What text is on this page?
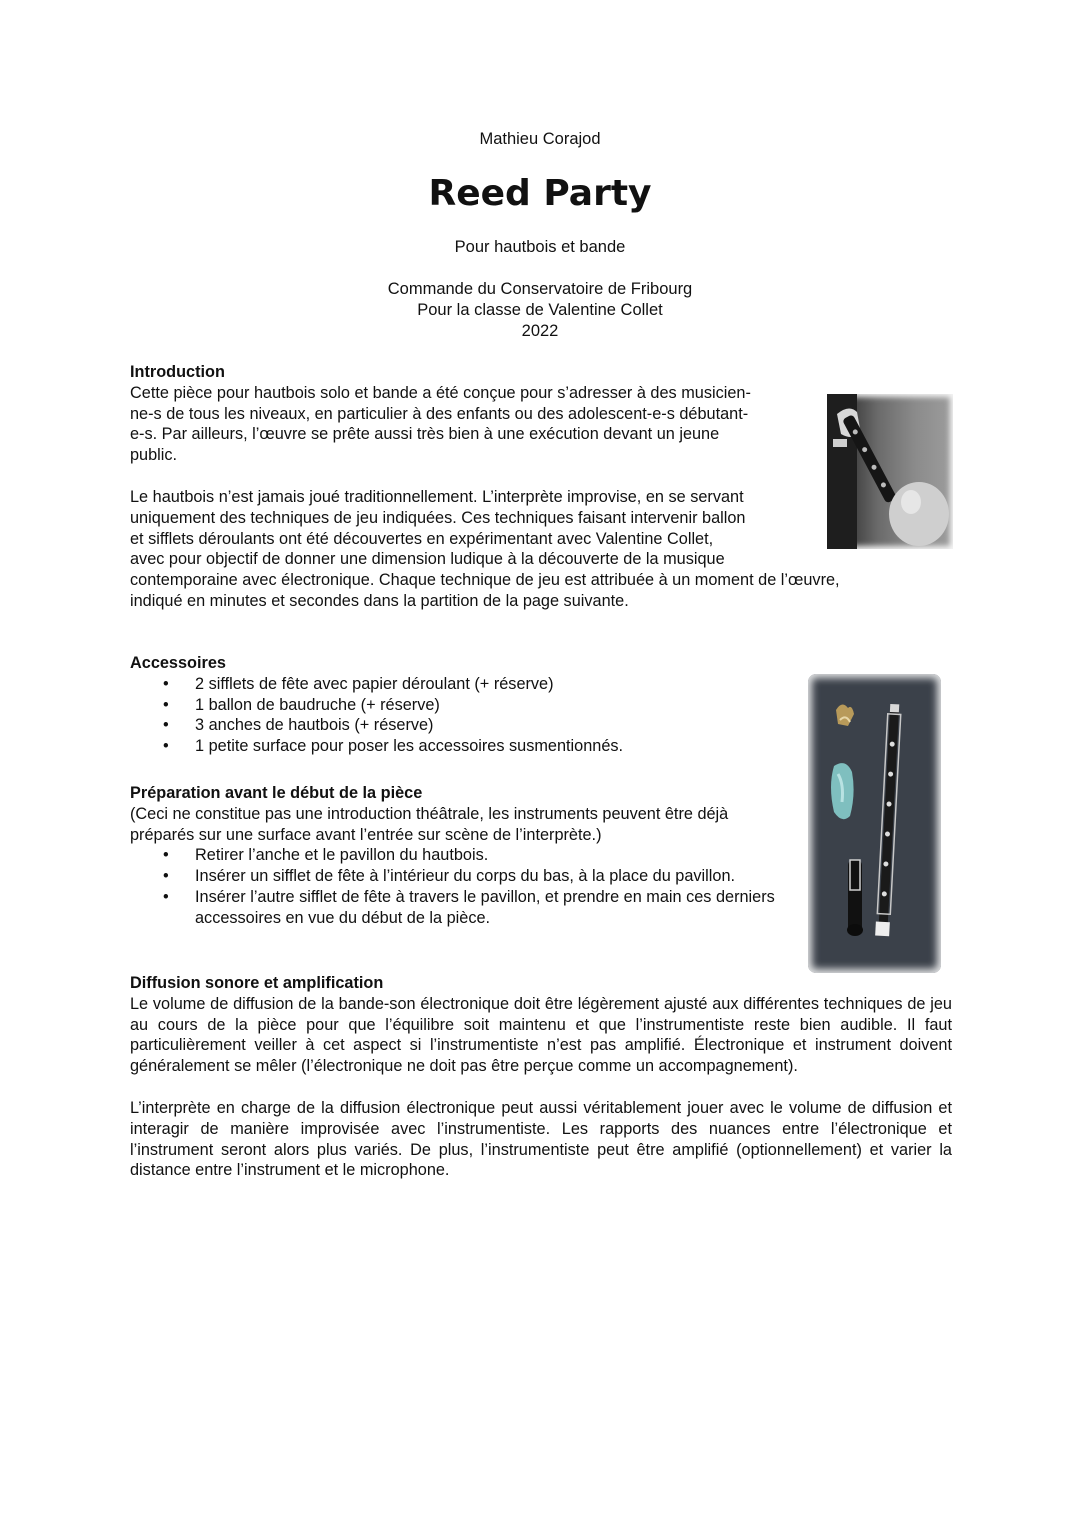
Mathieu Corajod
Reed Party
Pour hautbois et bande
Commande du Conservatoire de Fribourg
Pour la classe de Valentine Collet
2022

Introduction

Cette pièce pour hautbois solo et bande a été conçue pour s’adresser à des musicien-
ne-s de tous les niveaux, en particulier à des enfants ou des adolescent-e-s débutant-
e-s. Par ailleurs, l’œuvre se prête aussi très bien à une exécution devant un jeune
public.
Le hautbois n’est jamais joué traditionnellement. L’interprète improvise, en se servant
uniquement des techniques de jeu indiquées. Ces techniques faisant intervenir ballon
et sifflets déroulants ont été découvertes en expérimentant avec Valentine Collet,
avec pour objectif de donner une dimension ludique à la découverte de la musique
contemporaine avec électronique. Chaque technique de jeu est attribuée à un moment de l’œuvre,
indiqué en minutes et secondes dans la partition de la page suivante.

Accessoires

• 2 sifflets de fête avec papier déroulant (+ réserve)
• 1 ballon de baudruche (+ réserve)
• 3 anches de hautbois (+ réserve)
• 1 petite surface pour poser les accessoires susmentionnés.

Préparation avant le début de la pièce

(Ceci ne constitue pas une introduction théâtrale, les instruments peuvent être déjà
préparés sur une surface avant l’entrée sur scène de l’interprète.)
• Retirer l’anche et le pavillon du hautbois.
• Insérer un sifflet de fête à l’intérieur du corps du bas, à la place du pavillon.
• Insérer l’autre sifflet de fête à travers le pavillon, et prendre en main ces derniers accessoires en vue du début de la pièce.

Diffusion sonore et amplification

Le volume de diffusion de la bande-son électronique doit être légèrement ajusté aux différentes techniques de jeu au cours de la pièce pour que l’équilibre soit maintenu et que l’instrumentiste reste bien audible. Il faut particulièrement veiller à cet aspect si l’instrumentiste n’est pas amplifié. Électronique et instrument doivent généralement se mêler (l’électronique ne doit pas être perçue comme un accompagnement).

L’interprète en charge de la diffusion électronique peut aussi véritablement jouer avec le volume de diffusion et interagir de manière improvisée avec l’instrumentiste. Les rapports des nuances entre l’électronique et l’instrument seront alors plus variés. De plus, l’instrumentiste peut être amplifié (optionnellement) et varier la distance entre l’instrument et le microphone.
